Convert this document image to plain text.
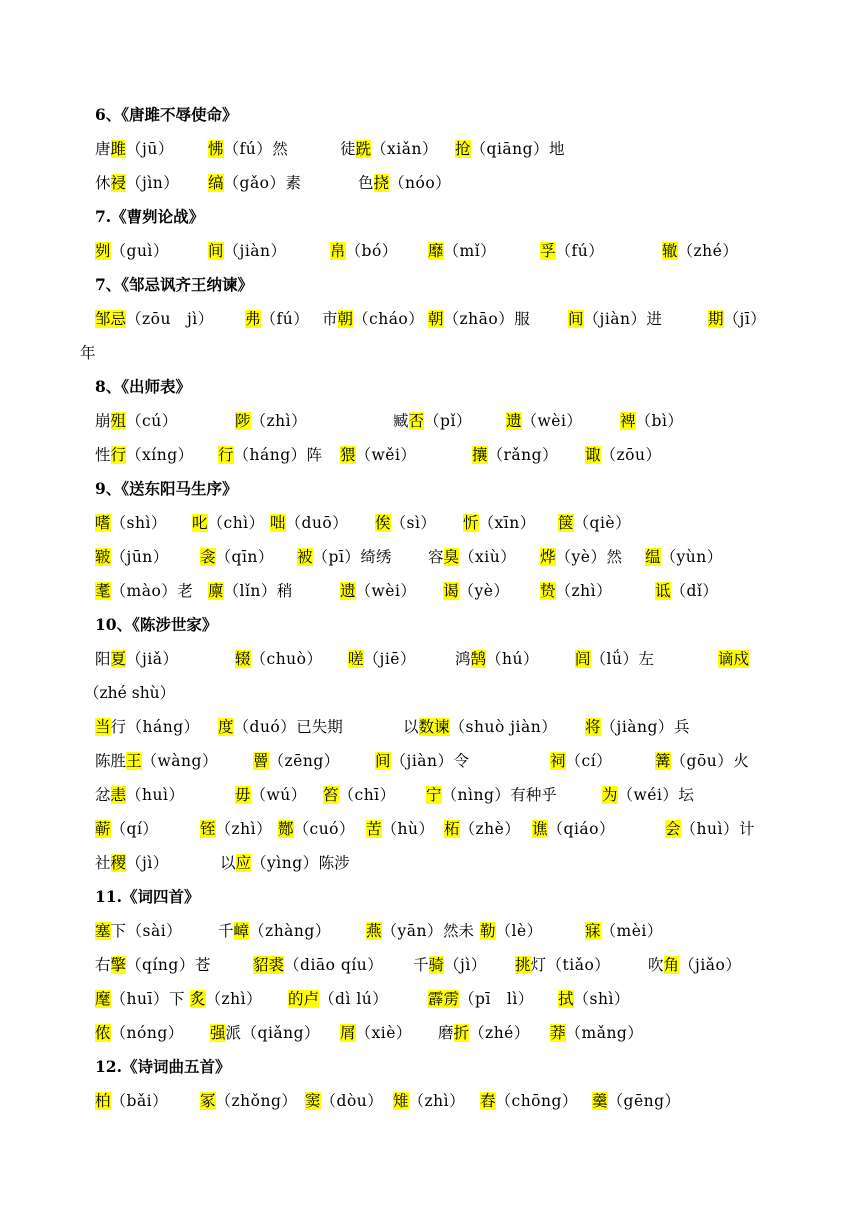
6、《唐雎不辱使命》
唐雎（jū） 怫（fú）然	徒跣（xiǎn） 抢（qiāng）地
休祲（jìn） 缟（gǎo）素	色挠（nóo）
7.《曹刿论战》
刿（guì）	间（jiàn）	帛（bó） 靡（mǐ）	孚（fú）	辙（zhé）
7、《邹忌讽齐王纳谏》
邹忌（zōu　jì） 弗（fú） 市朝（cháo） 朝（zhāo）服 间（jiàn）进	期（jī）
年
8、《出师表》
崩殂（cú）	陟（zhì）	臧否（pǐ） 遗（wèi） 裨（bì）
性行（xíng） 行（háng）阵 猥（wěi）	攘（rǎng） 诹（zōu）
9、《送东阳马生序》
嗜（shì） 叱（chì） 咄（duō） 俟（sì） 忻（xīn） 箧（qiè）
皲（jūn） 衾（qīn） 被（pī）绮绣 容臭（xiù） 烨（yè）然 缊（yùn）
耄（mào）老 廪（lǐn）稍	遗（wèi） 谒（yè） 贽（zhì）	诋（dǐ）
10、《陈涉世家》
阳夏（jiǎ）	辍（chuò） 嗟（jiē）	鸿鹄（hú） 闾（lǘ）左	谪戍
（zhé shù）
当行（háng） 度（duó）已失期	以数谏（shuò jiàn） 将（jiàng）兵
陈胜王（wàng） 罾（zēng） 间（jiàn）令	祠（cí）	篝（gōu）火
忿恚（huì）	毋（wú） 笞（chī） 宁（nìng）有种乎	为（wéi）坛
蕲（qí）	铚（zhì） 酂（cuó） 苦（hù） 柘（zhè） 谯（qiáo）	会（huì）计
社稷（jì）	以应（yìng）陈涉
11.《词四首》
塞下（sài） 千嶂（zhàng） 燕（yān）然未 勒（lè）	寐（mèi）
右擎（qíng）苍	貂裘（diāo qíu） 千骑（jì） 挑灯（tiǎo） 吹角（jiǎo）
麾（huī）下 炙（zhì） 的卢（dì lú）	霹雳（pī　lì） 拭（shì）
侬（nóng） 强派（qiǎng） 屑（xiè） 磨折（zhé） 莽（mǎng）
12.《诗词曲五首》
柏（bǎi） 冢（zhǒng） 窦（dòu） 雉（zhì） 舂（chōng） 羹（gēng）
